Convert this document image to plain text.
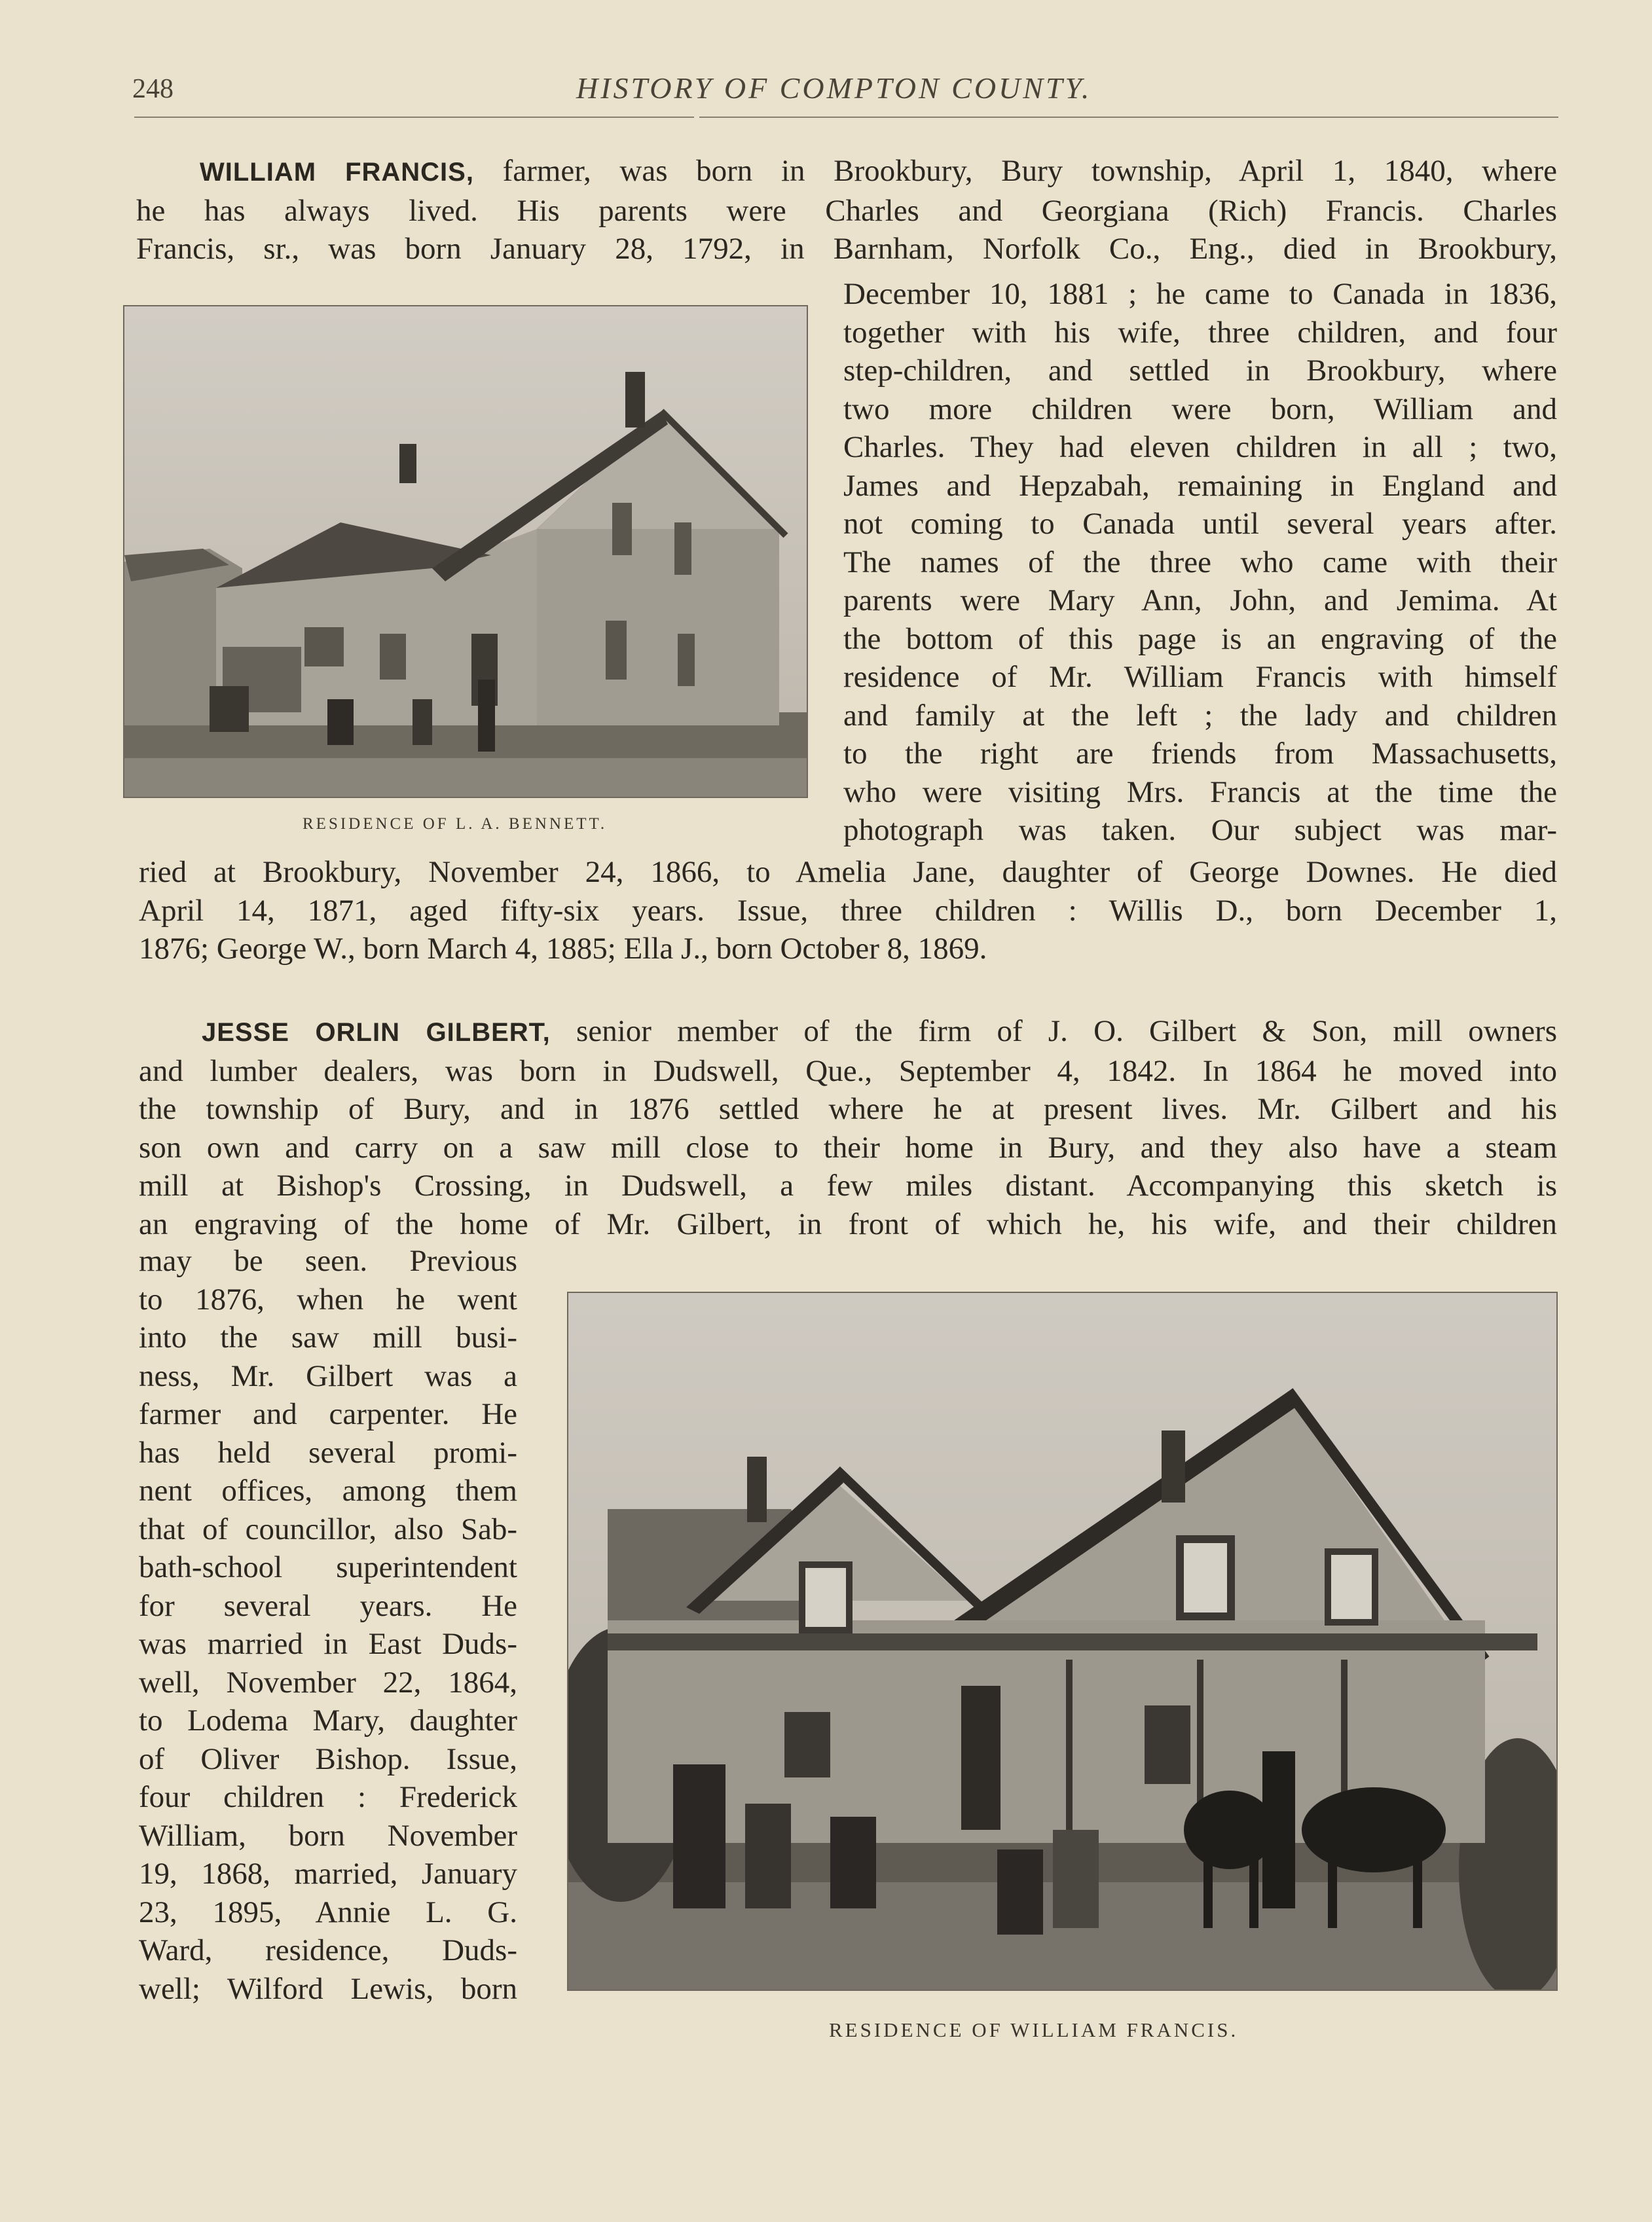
248	HISTORY OF COMPTON COUNTY.
WILLIAM FRANCIS, farmer, was born in Brookbury, Bury township, April 1, 1840, where
he has always lived. His parents were Charles and Georgiana (Rich) Francis. Charles
Francis, sr., was born January 28, 1792, in Barnham, Norfolk Co., Eng., died in Brookbury,
RESIDENCE OF L. A. BENNETT.
December 10, 1881 ; he came to Canada in 1836,
together with his wife, three children, and four
step-children, and settled in Brookbury, where
two more children were born, William and
Charles. They had eleven children in all ; two,
James and Hepzabah, remaining in England and
not coming to Canada until several years after.
The names of the three who came with their
parents were Mary Ann, John, and Jemima. At
the bottom of this page is an engraving of the
residence of Mr. William Francis with himself
and family at the left ; the lady and children
to the right are friends from Massachusetts,
who were visiting Mrs. Francis at the time the
photograph was taken. Our subject was mar-
ried at Brookbury, November 24, 1866, to Amelia Jane, daughter of George Downes. He died
April 14, 1871, aged fifty-six years. Issue, three children : Willis D., born December 1,
1876; George W., born March 4, 1885; Ella J., born October 8, 1869.
JESSE ORLIN GILBERT, senior member of the firm of J. O. Gilbert & Son, mill owners
and lumber dealers, was born in Dudswell, Que., September 4, 1842. In 1864 he moved into
the township of Bury, and in 1876 settled where he at present lives. Mr. Gilbert and his
son own and carry on a saw mill close to their home in Bury, and they also have a steam
mill at Bishop's Crossing, in Dudswell, a few miles distant. Accompanying this sketch is
an engraving of the home of Mr. Gilbert, in front of which he, his wife, and their children
may be seen. Previous
to 1876, when he went
into the saw mill busi-
ness, Mr. Gilbert was a
farmer and carpenter. He
has held several promi-
nent offices, among them
that of councillor, also Sab-
bath-school superintendent
for several years. He
was married in East Duds-
well, November 22, 1864,
to Lodema Mary, daughter
of Oliver Bishop. Issue,
four children : Frederick
William, born November
19, 1868, married, January
23, 1895, Annie L. G.
Ward, residence, Duds-
well; Wilford Lewis, born
RESIDENCE OF WILLIAM FRANCIS.
